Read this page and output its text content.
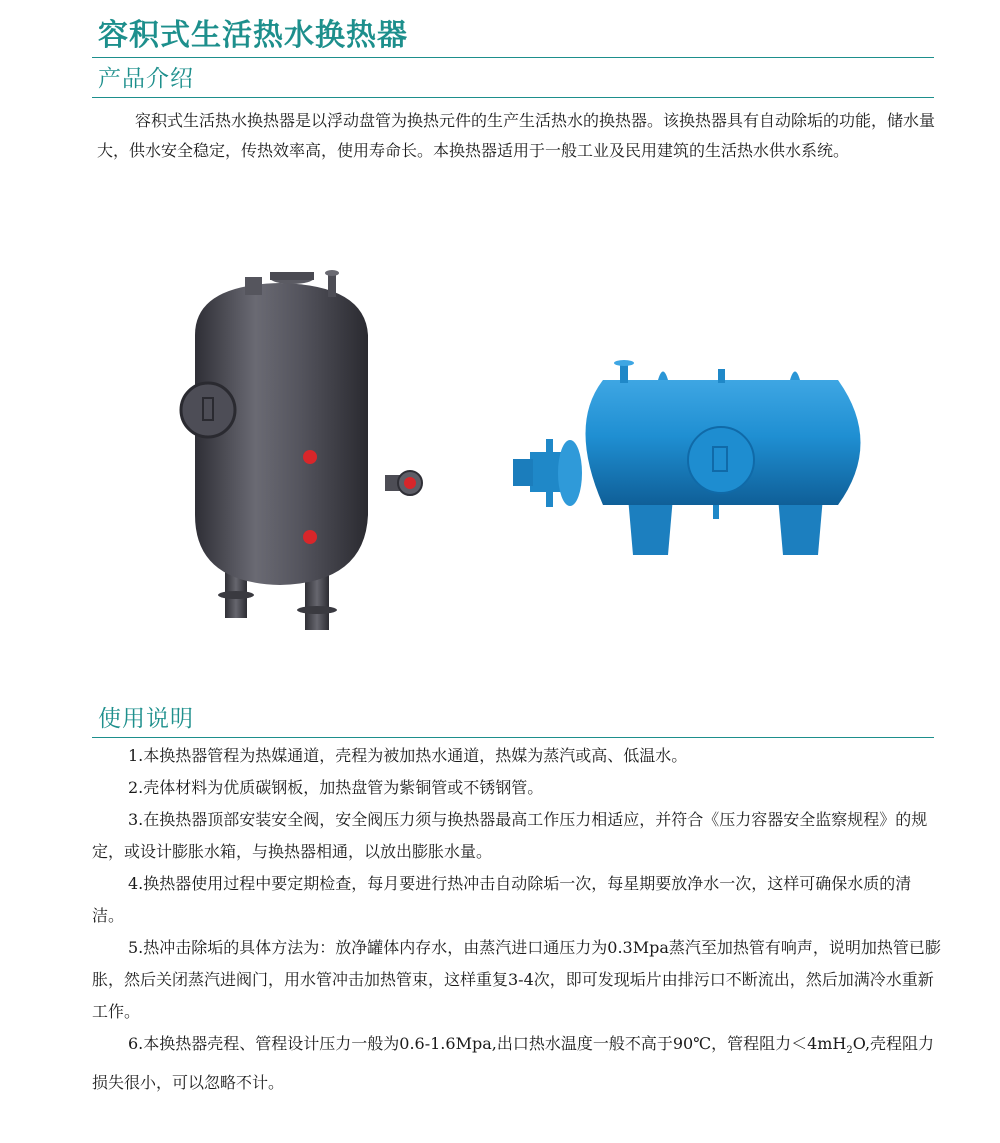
容积式生活热水换热器
产品介绍

容积式生活热水换热器是以浮动盘管为换热元件的生产生活热水的换热器。该换热器具有自动除垢的功能，储水量大，供水安全稳定，传热效率高，使用寿命长。本换热器适用于一般工业及民用建筑的生活热水供水系统。

使用说明
1.本换热器管程为热媒通道，壳程为被加热水通道，热媒为蒸汽或高、低温水。
2.壳体材料为优质碳钢板，加热盘管为紫铜管或不锈钢管。
3.在换热器顶部安装安全阀，安全阀压力须与换热器最高工作压力相适应，并符合《压力容器安全监察规程》的规定，或设计膨胀水箱，与换热器相通，以放出膨胀水量。
4.换热器使用过程中要定期检查，每月要进行热冲击自动除垢一次，每星期要放净水一次，这样可确保水质的清洁。
5.热冲击除垢的具体方法为：放净罐体内存水，由蒸汽进口通压力为0.3Mpa蒸汽至加热管有响声，说明加热管已膨胀，然后关闭蒸汽进阀门，用水管冲击加热管束，这样重复3-4次，即可发现垢片由排污口不断流出，然后加满冷水重新工作。
6.本换热器壳程、管程设计压力一般为0.6-1.6Mpa,出口热水温度一般不高于90℃，管程阻力$<4mH_2O$,壳程阻力损失很小，可以忽略不计。
